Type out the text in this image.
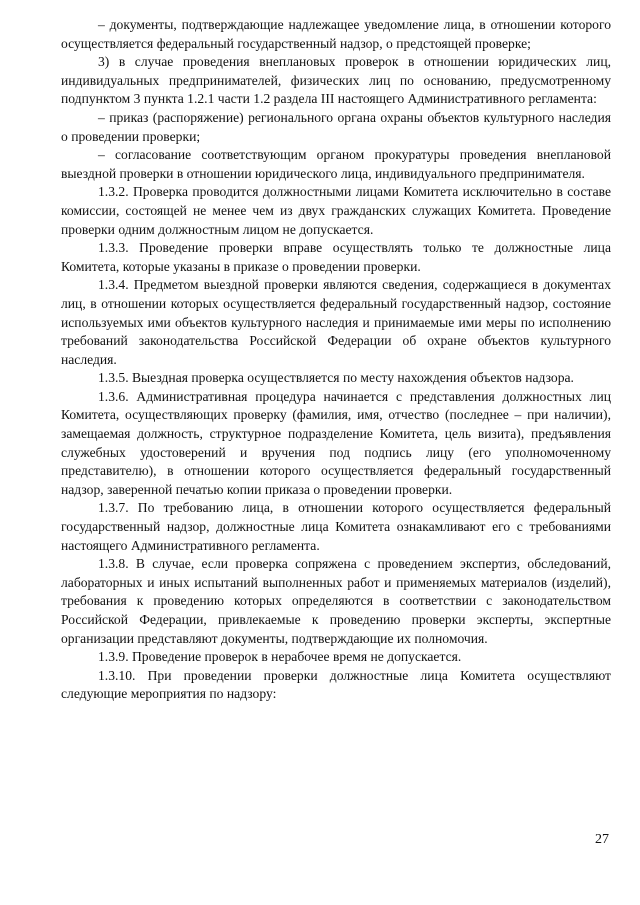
– документы, подтверждающие надлежащее уведомление лица, в отношении которого осуществляется федеральный государственный надзор, о предстоящей проверке;

3) в случае проведения внеплановых проверок в отношении юридических лиц, индивидуальных предпринимателей, физических лиц по основанию, предусмотренному подпунктом 3 пункта 1.2.1 части 1.2 раздела III настоящего Административного регламента:

– приказ (распоряжение) регионального органа охраны объектов культурного наследия о проведении проверки;

– согласование соответствующим органом прокуратуры проведения внеплановой выездной проверки в отношении юридического лица, индивидуального предпринимателя.

1.3.2. Проверка проводится должностными лицами Комитета исключительно в составе комиссии, состоящей не менее чем из двух гражданских служащих Комитета. Проведение проверки одним должностным лицом не допускается.

1.3.3. Проведение проверки вправе осуществлять только те должностные лица Комитета, которые указаны в приказе о проведении проверки.

1.3.4. Предметом выездной проверки являются сведения, содержащиеся в документах лиц, в отношении которых осуществляется федеральный государственный надзор, состояние используемых ими объектов культурного наследия и принимаемые ими меры по исполнению требований законодательства Российской Федерации об охране объектов культурного наследия.

1.3.5. Выездная проверка осуществляется по месту нахождения объектов надзора.

1.3.6. Административная процедура начинается с представления должностных лиц Комитета, осуществляющих проверку (фамилия, имя, отчество (последнее – при наличии), замещаемая должность, структурное подразделение Комитета, цель визита), предъявления служебных удостоверений и вручения под подпись лицу (его уполномоченному представителю), в отношении которого осуществляется федеральный государственный надзор, заверенной печатью копии приказа о проведении проверки.

1.3.7. По требованию лица, в отношении которого осуществляется федеральный государственный надзор, должностные лица Комитета ознакамливают его с требованиями настоящего Административного регламента.

1.3.8. В случае, если проверка сопряжена с проведением экспертиз, обследований, лабораторных и иных испытаний выполненных работ и применяемых материалов (изделий), требования к проведению которых определяются в соответствии с законодательством Российской Федерации, привлекаемые к проведению проверки эксперты, экспертные организации представляют документы, подтверждающие их полномочия.

1.3.9. Проведение проверок в нерабочее время не допускается.

1.3.10. При проведении проверки должностные лица Комитета осуществляют следующие мероприятия по надзору:

27
